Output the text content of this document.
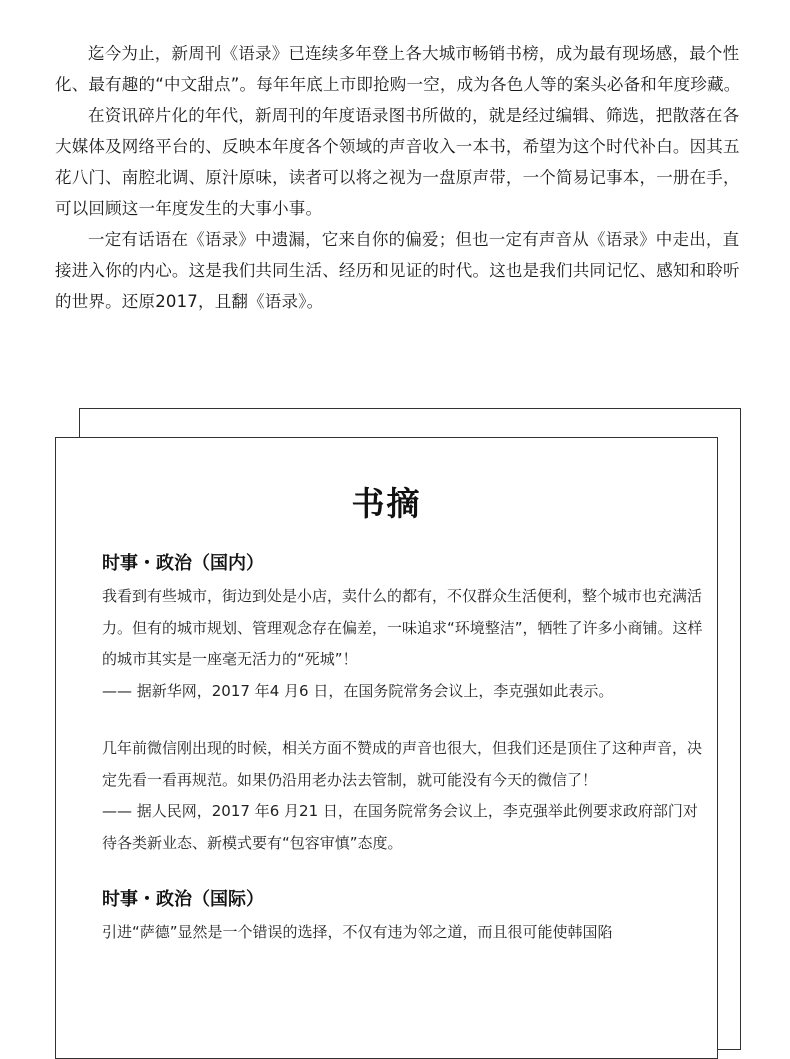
迄今为止，新周刊《语录》已连续多年登上各大城市畅销书榜，成为最有现场感，最个性化、最有趣的“中文甜点”。每年年底上市即抢购一空，成为各色人等的案头必备和年度珍藏。

在资讯碎片化的年代，新周刊的年度语录图书所做的，就是经过编辑、筛选，把散落在各大媒体及网络平台的、反映本年度各个领域的声音收入一本书，希望为这个时代补白。因其五花八门、南腔北调、原汁原味，读者可以将之视为一盘原声带，一个简易记事本，一册在手，可以回顾这一年度发生的大事小事。

一定有话语在《语录》中遗漏，它来自你的偏爱；但也一定有声音从《语录》中走出，直接进入你的内心。这是我们共同生活、经历和见证的时代。这也是我们共同记忆、感知和聆听的世界。还原2017，且翻《语录》。

书摘
时事・政治（国内）

我看到有些城市，街边到处是小店，卖什么的都有，不仅群众生活便利，整个城市也充满活力。但有的城市规划、管理观念存在偏差，一味追求“环境整洁”，牺牲了许多小商铺。这样的城市其实是一座毫无活力的“死城”！

—— 据新华网，2017 年4 月6 日，在国务院常务会议上，李克强如此表示。

几年前微信刚出现的时候，相关方面不赞成的声音也很大，但我们还是顶住了这种声音，决定先看一看再规范。如果仍沿用老办法去管制，就可能没有今天的微信了！

—— 据人民网，2017 年6 月21 日，在国务院常务会议上，李克强举此例要求政府部门对待各类新业态、新模式要有“包容审慎”态度。

时事・政治（国际）

引进“萨德”显然是一个错误的选择，不仅有违为邻之道，而且很可能使韩国陷
